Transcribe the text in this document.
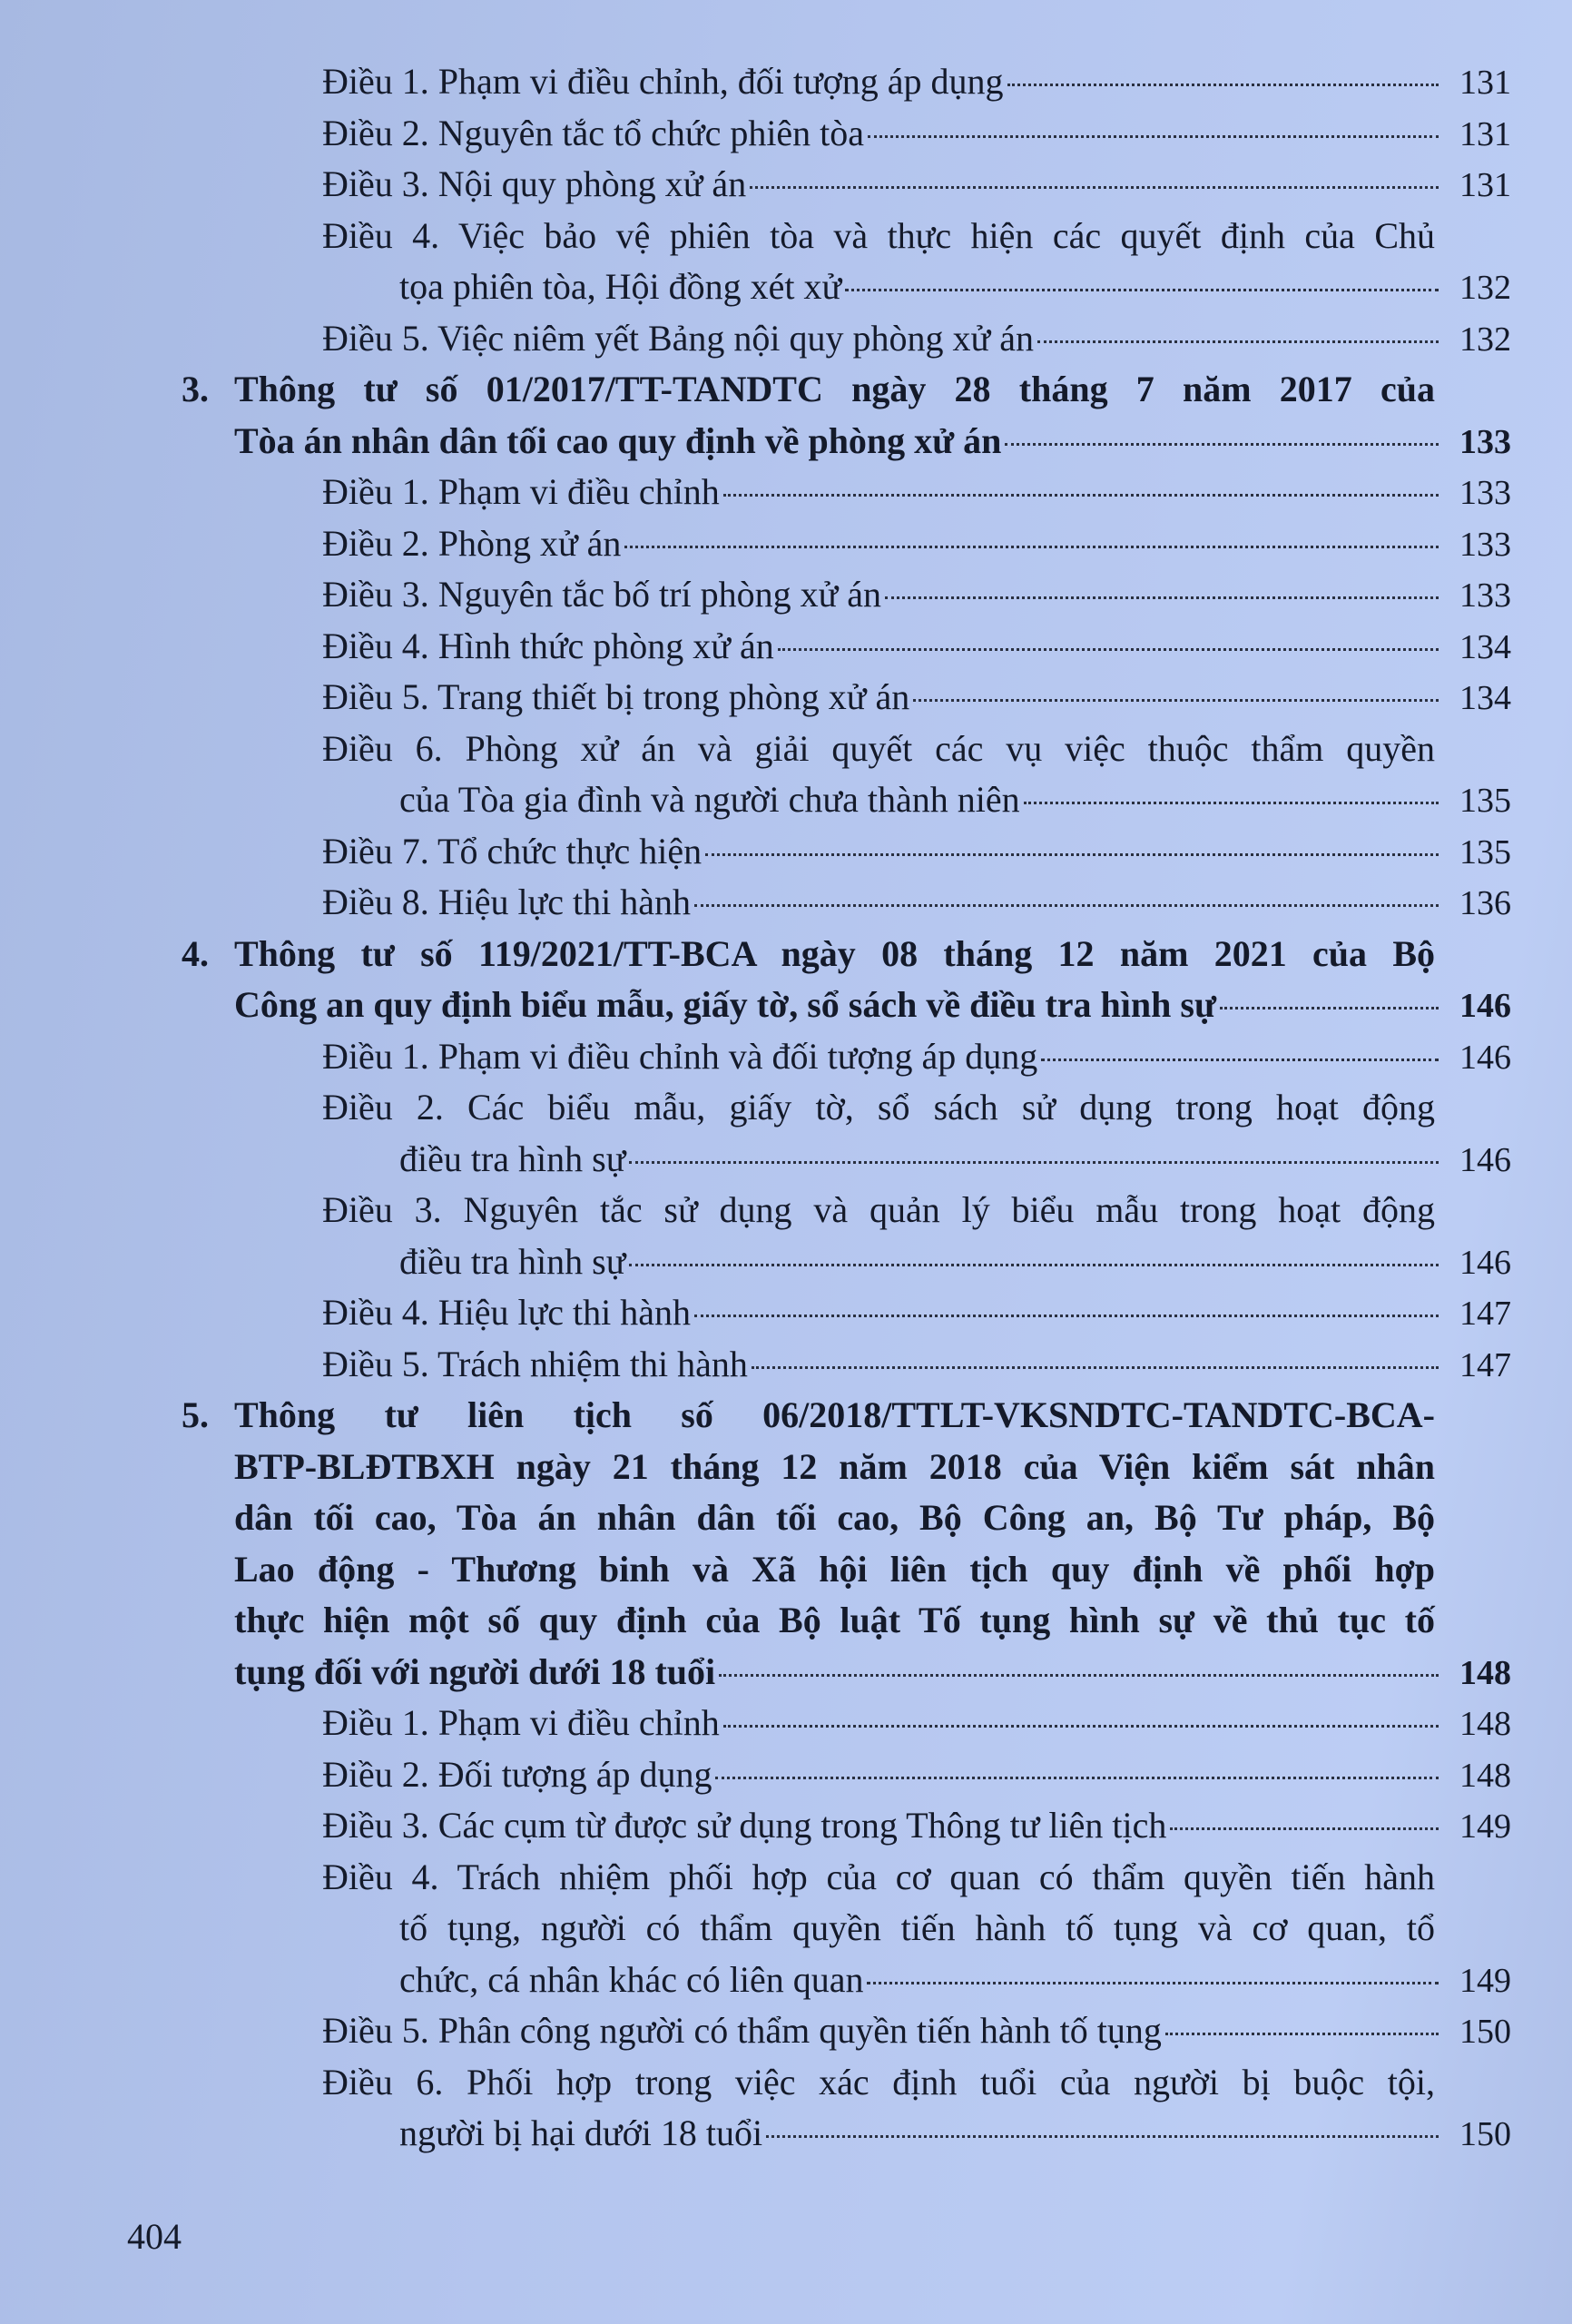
Điều 1. Phạm vi điều chỉnh, đối tượng áp dụng	131
Điều 2. Nguyên tắc tổ chức phiên tòa	131
Điều 3. Nội quy phòng xử án	131
Điều 4. Việc bảo vệ phiên tòa và thực hiện các quyết định của Chủ
tọa phiên tòa, Hội đồng xét xử	132
Điều 5. Việc niêm yết Bảng nội quy phòng xử án	132
3. Thông tư số 01/2017/TT-TANDTC ngày 28 tháng 7 năm 2017 của
Tòa án nhân dân tối cao quy định về phòng xử án	133
Điều 1. Phạm vi điều chỉnh	133
Điều 2. Phòng xử án	133
Điều 3. Nguyên tắc bố trí phòng xử án	133
Điều 4. Hình thức phòng xử án	134
Điều 5. Trang thiết bị trong phòng xử án	134
Điều 6. Phòng xử án và giải quyết các vụ việc thuộc thẩm quyền
của Tòa gia đình và người chưa thành niên	135
Điều 7. Tổ chức thực hiện	135
Điều 8. Hiệu lực thi hành	136
4. Thông tư số 119/2021/TT-BCA ngày 08 tháng 12 năm 2021 của Bộ
Công an quy định biểu mẫu, giấy tờ, sổ sách về điều tra hình sự	146
Điều 1. Phạm vi điều chỉnh và đối tượng áp dụng	146
Điều 2. Các biểu mẫu, giấy tờ, sổ sách sử dụng trong hoạt động
điều tra hình sự	146
Điều 3. Nguyên tắc sử dụng và quản lý biểu mẫu trong hoạt động
điều tra hình sự	146
Điều 4. Hiệu lực thi hành	147
Điều 5. Trách nhiệm thi hành	147
5. Thông tư liên tịch số 06/2018/TTLT-VKSNDTC-TANDTC-BCA-
BTP-BLĐTBXH ngày 21 tháng 12 năm 2018 của Viện kiểm sát nhân
dân tối cao, Tòa án nhân dân tối cao, Bộ Công an, Bộ Tư pháp, Bộ
Lao động - Thương binh và Xã hội liên tịch quy định về phối hợp
thực hiện một số quy định của Bộ luật Tố tụng hình sự về thủ tục tố
tụng đối với người dưới 18 tuổi	148
Điều 1. Phạm vi điều chỉnh	148
Điều 2. Đối tượng áp dụng	148
Điều 3. Các cụm từ được sử dụng trong Thông tư liên tịch	149
Điều 4. Trách nhiệm phối hợp của cơ quan có thẩm quyền tiến hành
tố tụng, người có thẩm quyền tiến hành tố tụng và cơ quan, tổ
chức, cá nhân khác có liên quan	149
Điều 5. Phân công người có thẩm quyền tiến hành tố tụng	150
Điều 6. Phối hợp trong việc xác định tuổi của người bị buộc tội,
người bị hại dưới 18 tuổi	150
404
